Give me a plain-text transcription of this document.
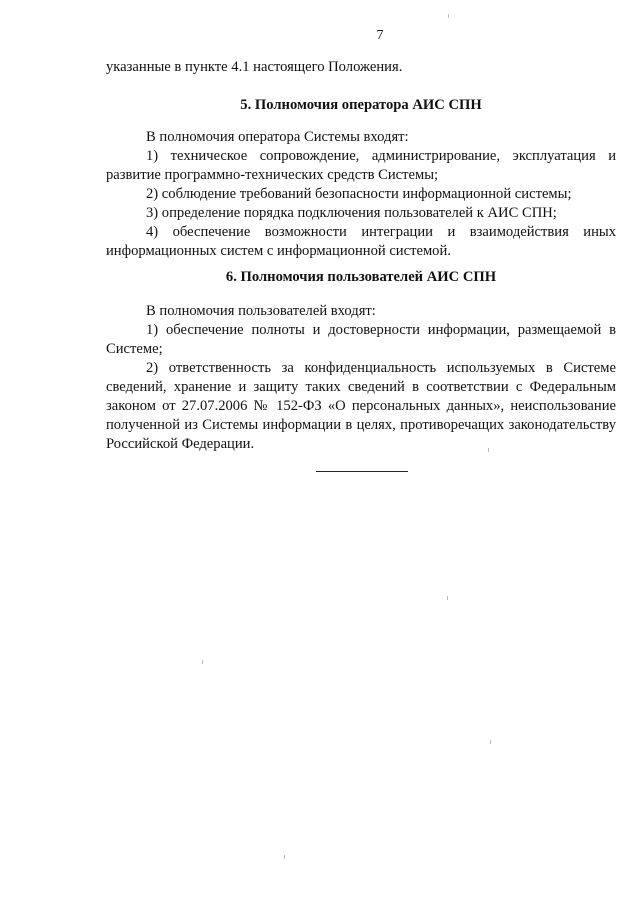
7

указанные в пункте 4.1 настоящего Положения.

5. Полномочия оператора АИС СПН

В полномочия оператора Системы входят:

1) техническое сопровождение, администрирование, эксплуатация и развитие программно-технических средств Системы;

2) соблюдение требований безопасности информационной системы;

3) определение порядка подключения пользователей к АИС СПН;

4) обеспечение возможности интеграции и взаимодействия иных информационных систем с информационной системой.

6. Полномочия пользователей АИС СПН

В полномочия пользователей входят:

1) обеспечение полноты и достоверности информации, размещаемой в Системе;

2) ответственность за конфиденциальность используемых в Системе сведений, хранение и защиту таких сведений в соответствии с Федеральным законом от 27.07.2006 № 152-ФЗ «О персональных данных», неиспользование полученной из Системы информации в целях, противоречащих законодательству Российской Федерации.
